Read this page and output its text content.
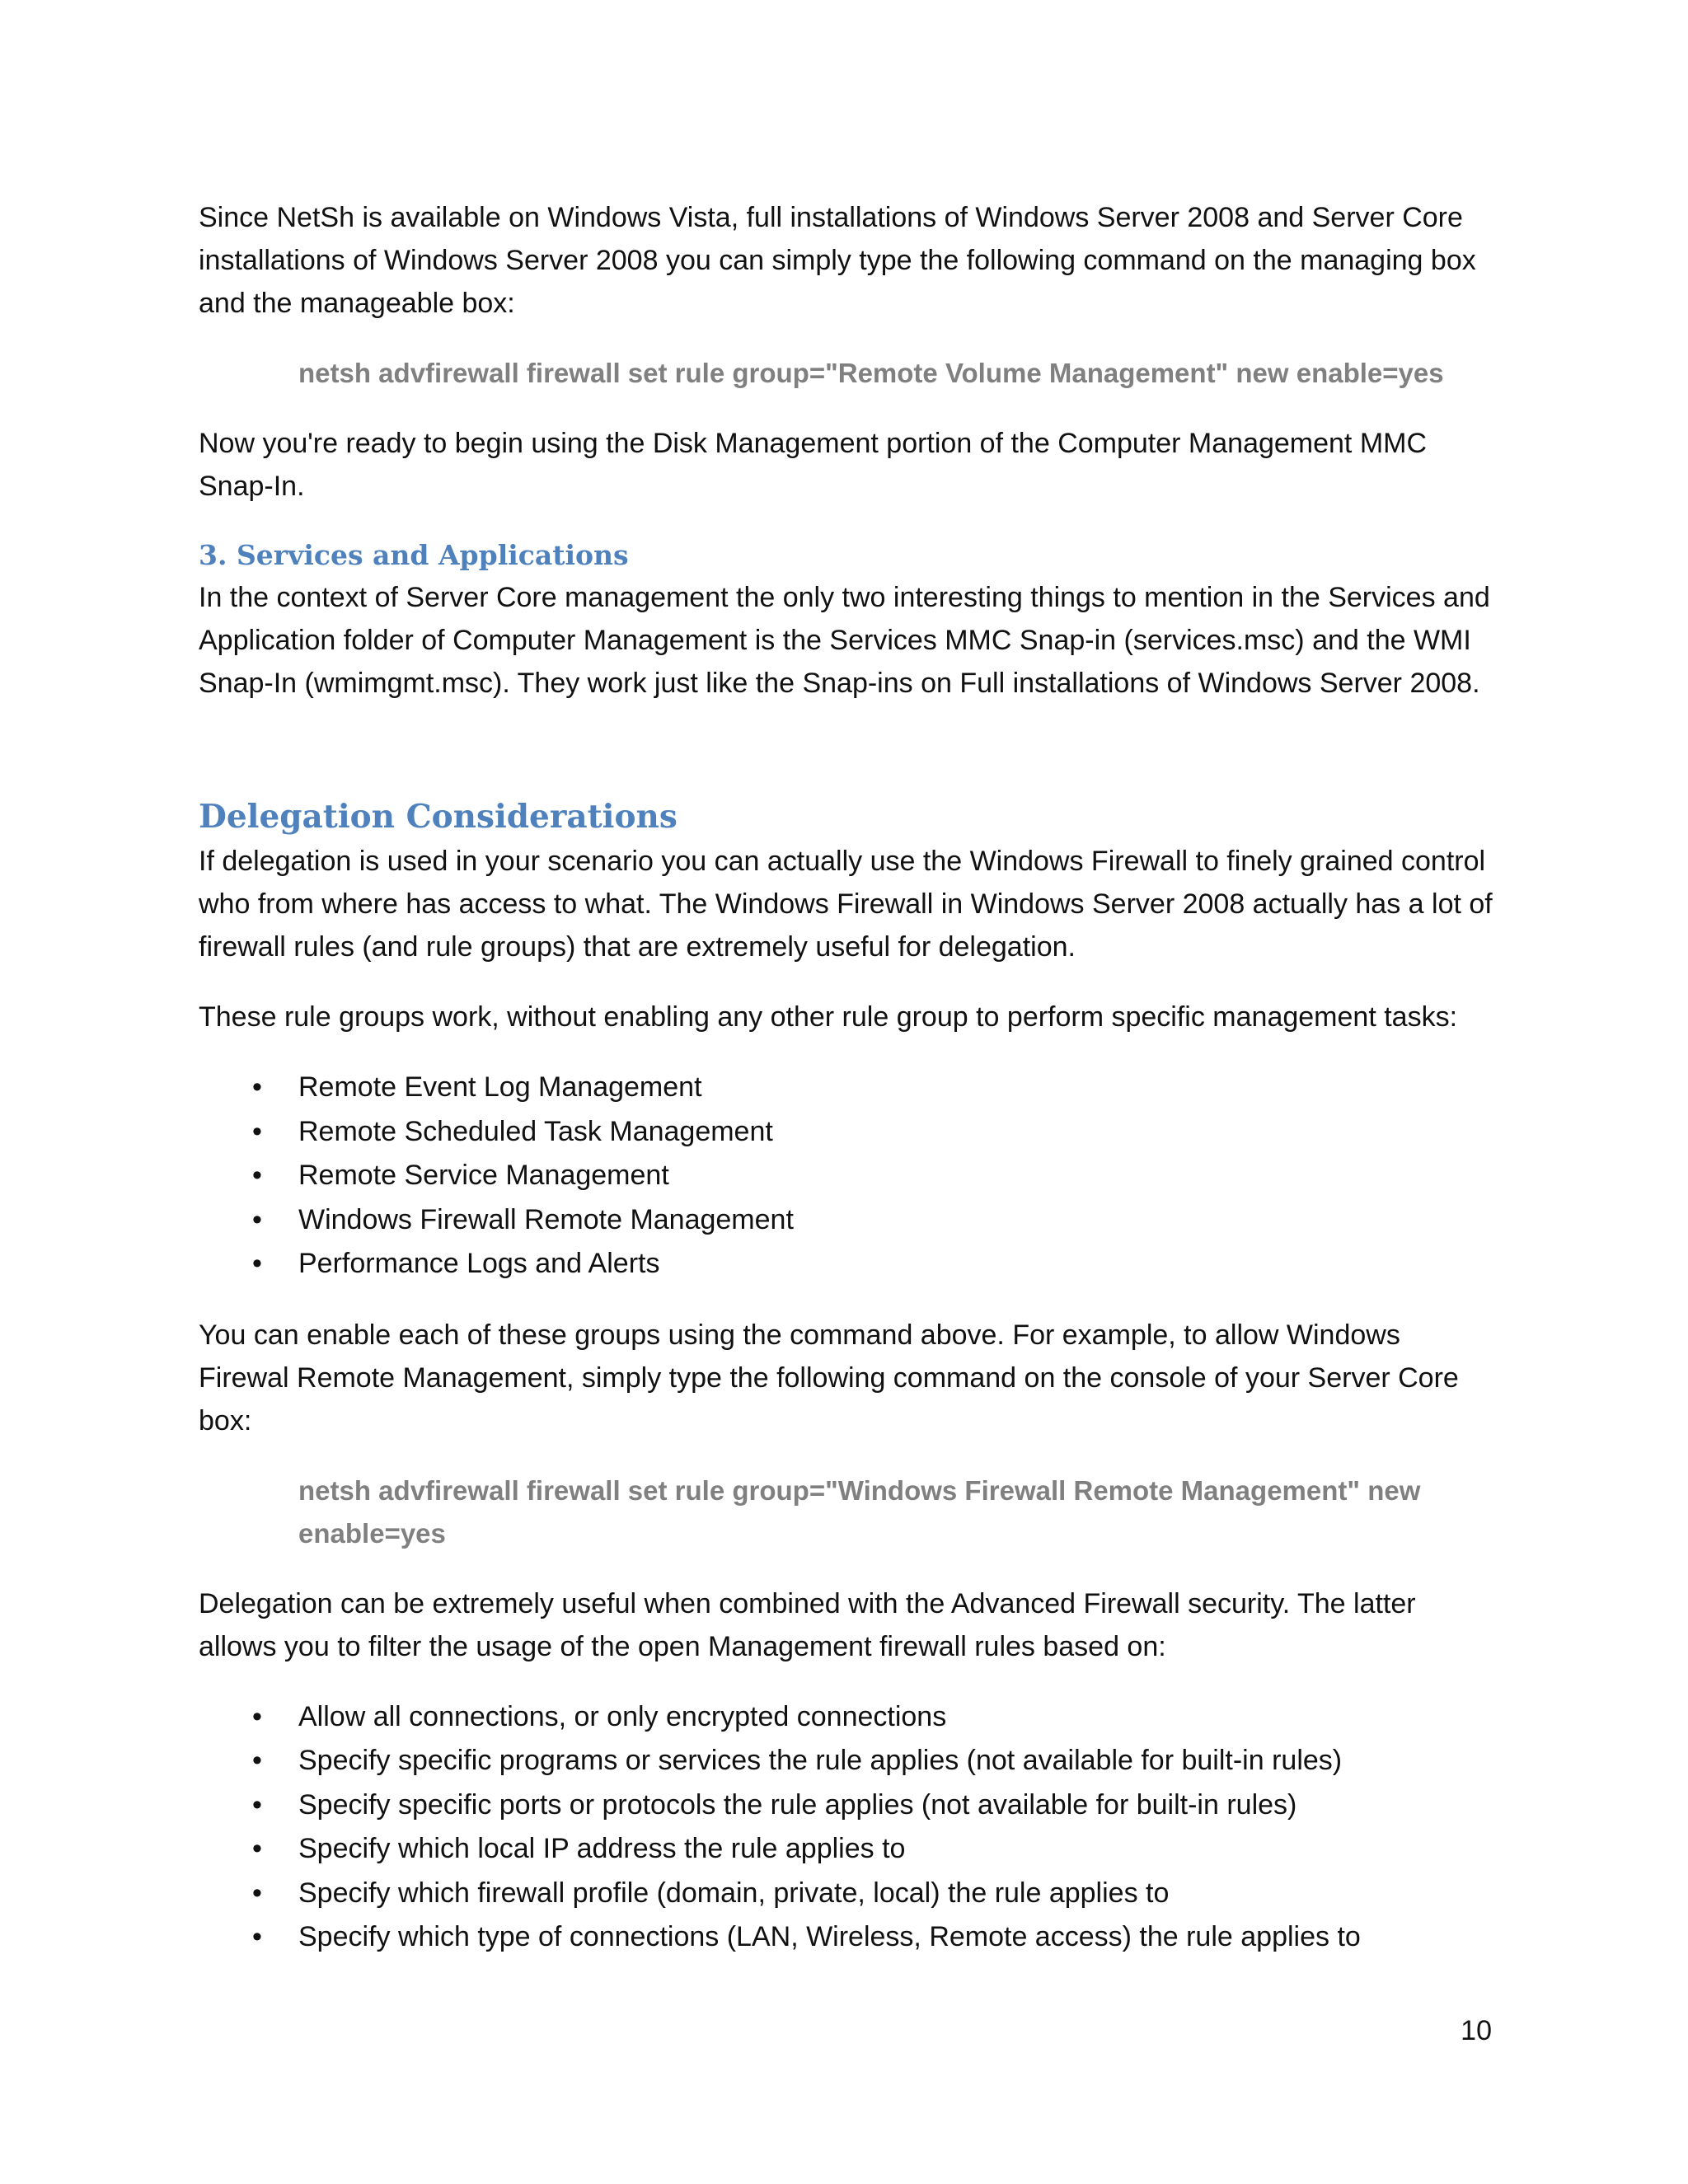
Since NetSh is available on Windows Vista, full installations of Windows Server 2008 and Server Core installations of Windows Server 2008 you can simply type the following command on the managing box and the manageable box:

netsh advfirewall firewall set rule group="Remote Volume Management" new enable=yes

Now you're ready to begin using the Disk Management portion of the Computer Management MMC Snap-In.

3. Services and Applications

In the context of Server Core management the only two interesting things to mention in the Services and Application folder of Computer Management is the Services MMC Snap-in (services.msc) and the WMI Snap-In (wmimgmt.msc). They work just like the Snap-ins on Full installations of Windows Server 2008.

Delegation Considerations

If delegation is used in your scenario you can actually use the Windows Firewall to finely grained control who from where has access to what. The Windows Firewall in Windows Server 2008 actually has a lot of firewall rules (and rule groups) that are extremely useful for delegation.

These rule groups work, without enabling any other rule group to perform specific management tasks:

• Remote Event Log Management
• Remote Scheduled Task Management
• Remote Service Management
• Windows Firewall Remote Management
• Performance Logs and Alerts

You can enable each of these groups using the command above. For example, to allow Windows Firewal Remote Management, simply type the following command on the console of your Server Core box:

netsh advfirewall firewall set rule group="Windows Firewall Remote Management" new enable=yes

Delegation can be extremely useful when combined with the Advanced Firewall security. The latter allows you to filter the usage of the open Management firewall rules based on:

• Allow all connections, or only encrypted connections
• Specify specific programs or services the rule applies (not available for built-in rules)
• Specify specific ports or protocols the rule applies (not available for built-in rules)
• Specify which local IP address the rule applies to
• Specify which firewall profile (domain, private, local) the rule applies to
• Specify which type of connections (LAN, Wireless, Remote access) the rule applies to
10
